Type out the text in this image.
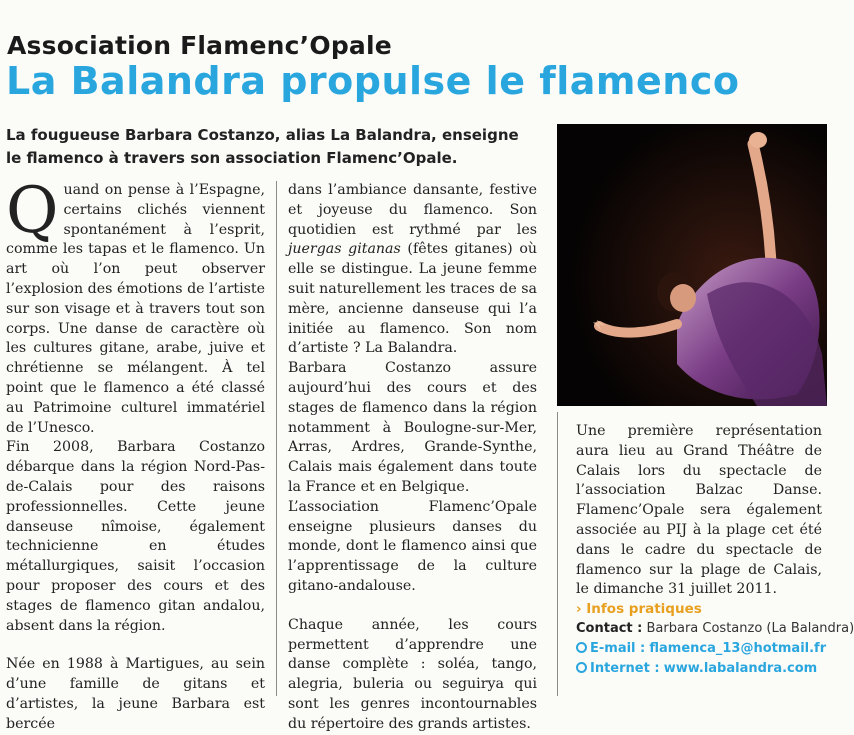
Association Flamenc’Opale
La Balandra propulse le flamenco
La fougueuse Barbara Costanzo, alias La Balandra, enseigne le flamenco à travers son association Flamenc’Opale.

Quand on pense à l’Espagne, certains clichés viennent spontanément à l’esprit, comme les tapas et le flamenco. Un art où l’on peut observer l’explosion des émotions de l’artiste sur son visage et à travers tout son corps. Une danse de caractère où les cultures gitane, arabe, juive et chrétienne se mélangent. À tel point que le flamenco a été classé au Patrimoine culturel immatériel de l’Unesco.

Fin 2008, Barbara Costanzo débarque dans la région Nord-Pas-de-Calais pour des raisons professionnelles. Cette jeune danseuse nîmoise, également technicienne en études métallurgiques, saisit l’occasion pour proposer des cours et des stages de flamenco gitan andalou, absent dans la région.

Née en 1988 à Martigues, au sein d’une famille de gitans et d’artistes, la jeune Barbara est bercée

dans l’ambiance dansante, festive et joyeuse du flamenco. Son quotidien est rythmé par les juergas gitanas (fêtes gitanes) où elle se distingue. La jeune femme suit naturellement les traces de sa mère, ancienne danseuse qui l’a initiée au flamenco. Son nom d’artiste ? La Balandra.

Barbara Costanzo assure aujourd’hui des cours et des stages de flamenco dans la région notamment à Boulogne-sur-Mer, Arras, Ardres, Grande-Synthe, Calais mais également dans toute la France et en Belgique.

L’association Flamenc’Opale enseigne plusieurs danses du monde, dont le flamenco ainsi que l’apprentissage de la culture gitano-andalouse.

Chaque année, les cours permettent d’apprendre une danse complète : soléa, tango, alegria, buleria ou seguirya qui sont les genres incontournables du répertoire des grands artistes.

Une première représentation aura lieu au Grand Théâtre de Calais lors du spectacle de l’association Balzac Danse. Flamenc’Opale sera également associée au PIJ à la plage cet été dans le cadre du spectacle de flamenco sur la plage de Calais, le dimanche 31 juillet 2011.

› Infos pratiques
Contact : Barbara Costanzo (La Balandra)
E-mail : flamenca_13@hotmail.fr
Internet : www.labalandra.com
